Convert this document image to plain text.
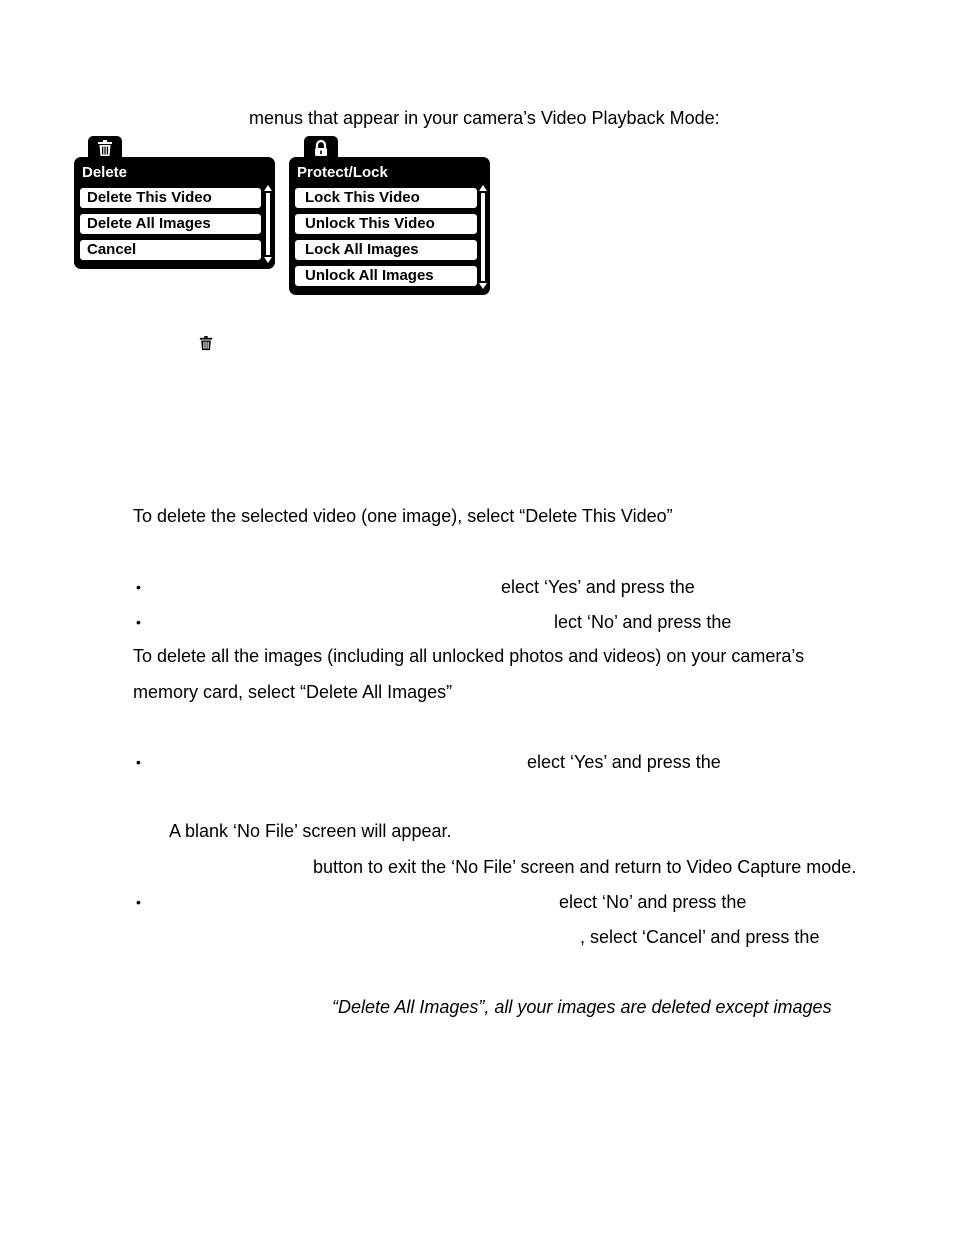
menus that appear in your camera’s Video Playback Mode:
Delete
Delete This Video
Delete All Images
Cancel
Protect/Lock
Lock This Video
Unlock This Video
Lock All Images
Unlock All Images
To delete the selected video (one image), select “Delete This Video”
•	elect ‘Yes’ and press the
•	lect ‘No’ and press the
To delete all the images (including all unlocked photos and videos) on your camera’s
memory card, select “Delete All Images”
•	elect ‘Yes’ and press the
A blank ‘No File’ screen will appear.
button to exit the ‘No File’ screen and return to Video Capture mode.
•	elect ‘No’ and press the
, select ‘Cancel’ and press the
“Delete All Images”, all your images are deleted except images
